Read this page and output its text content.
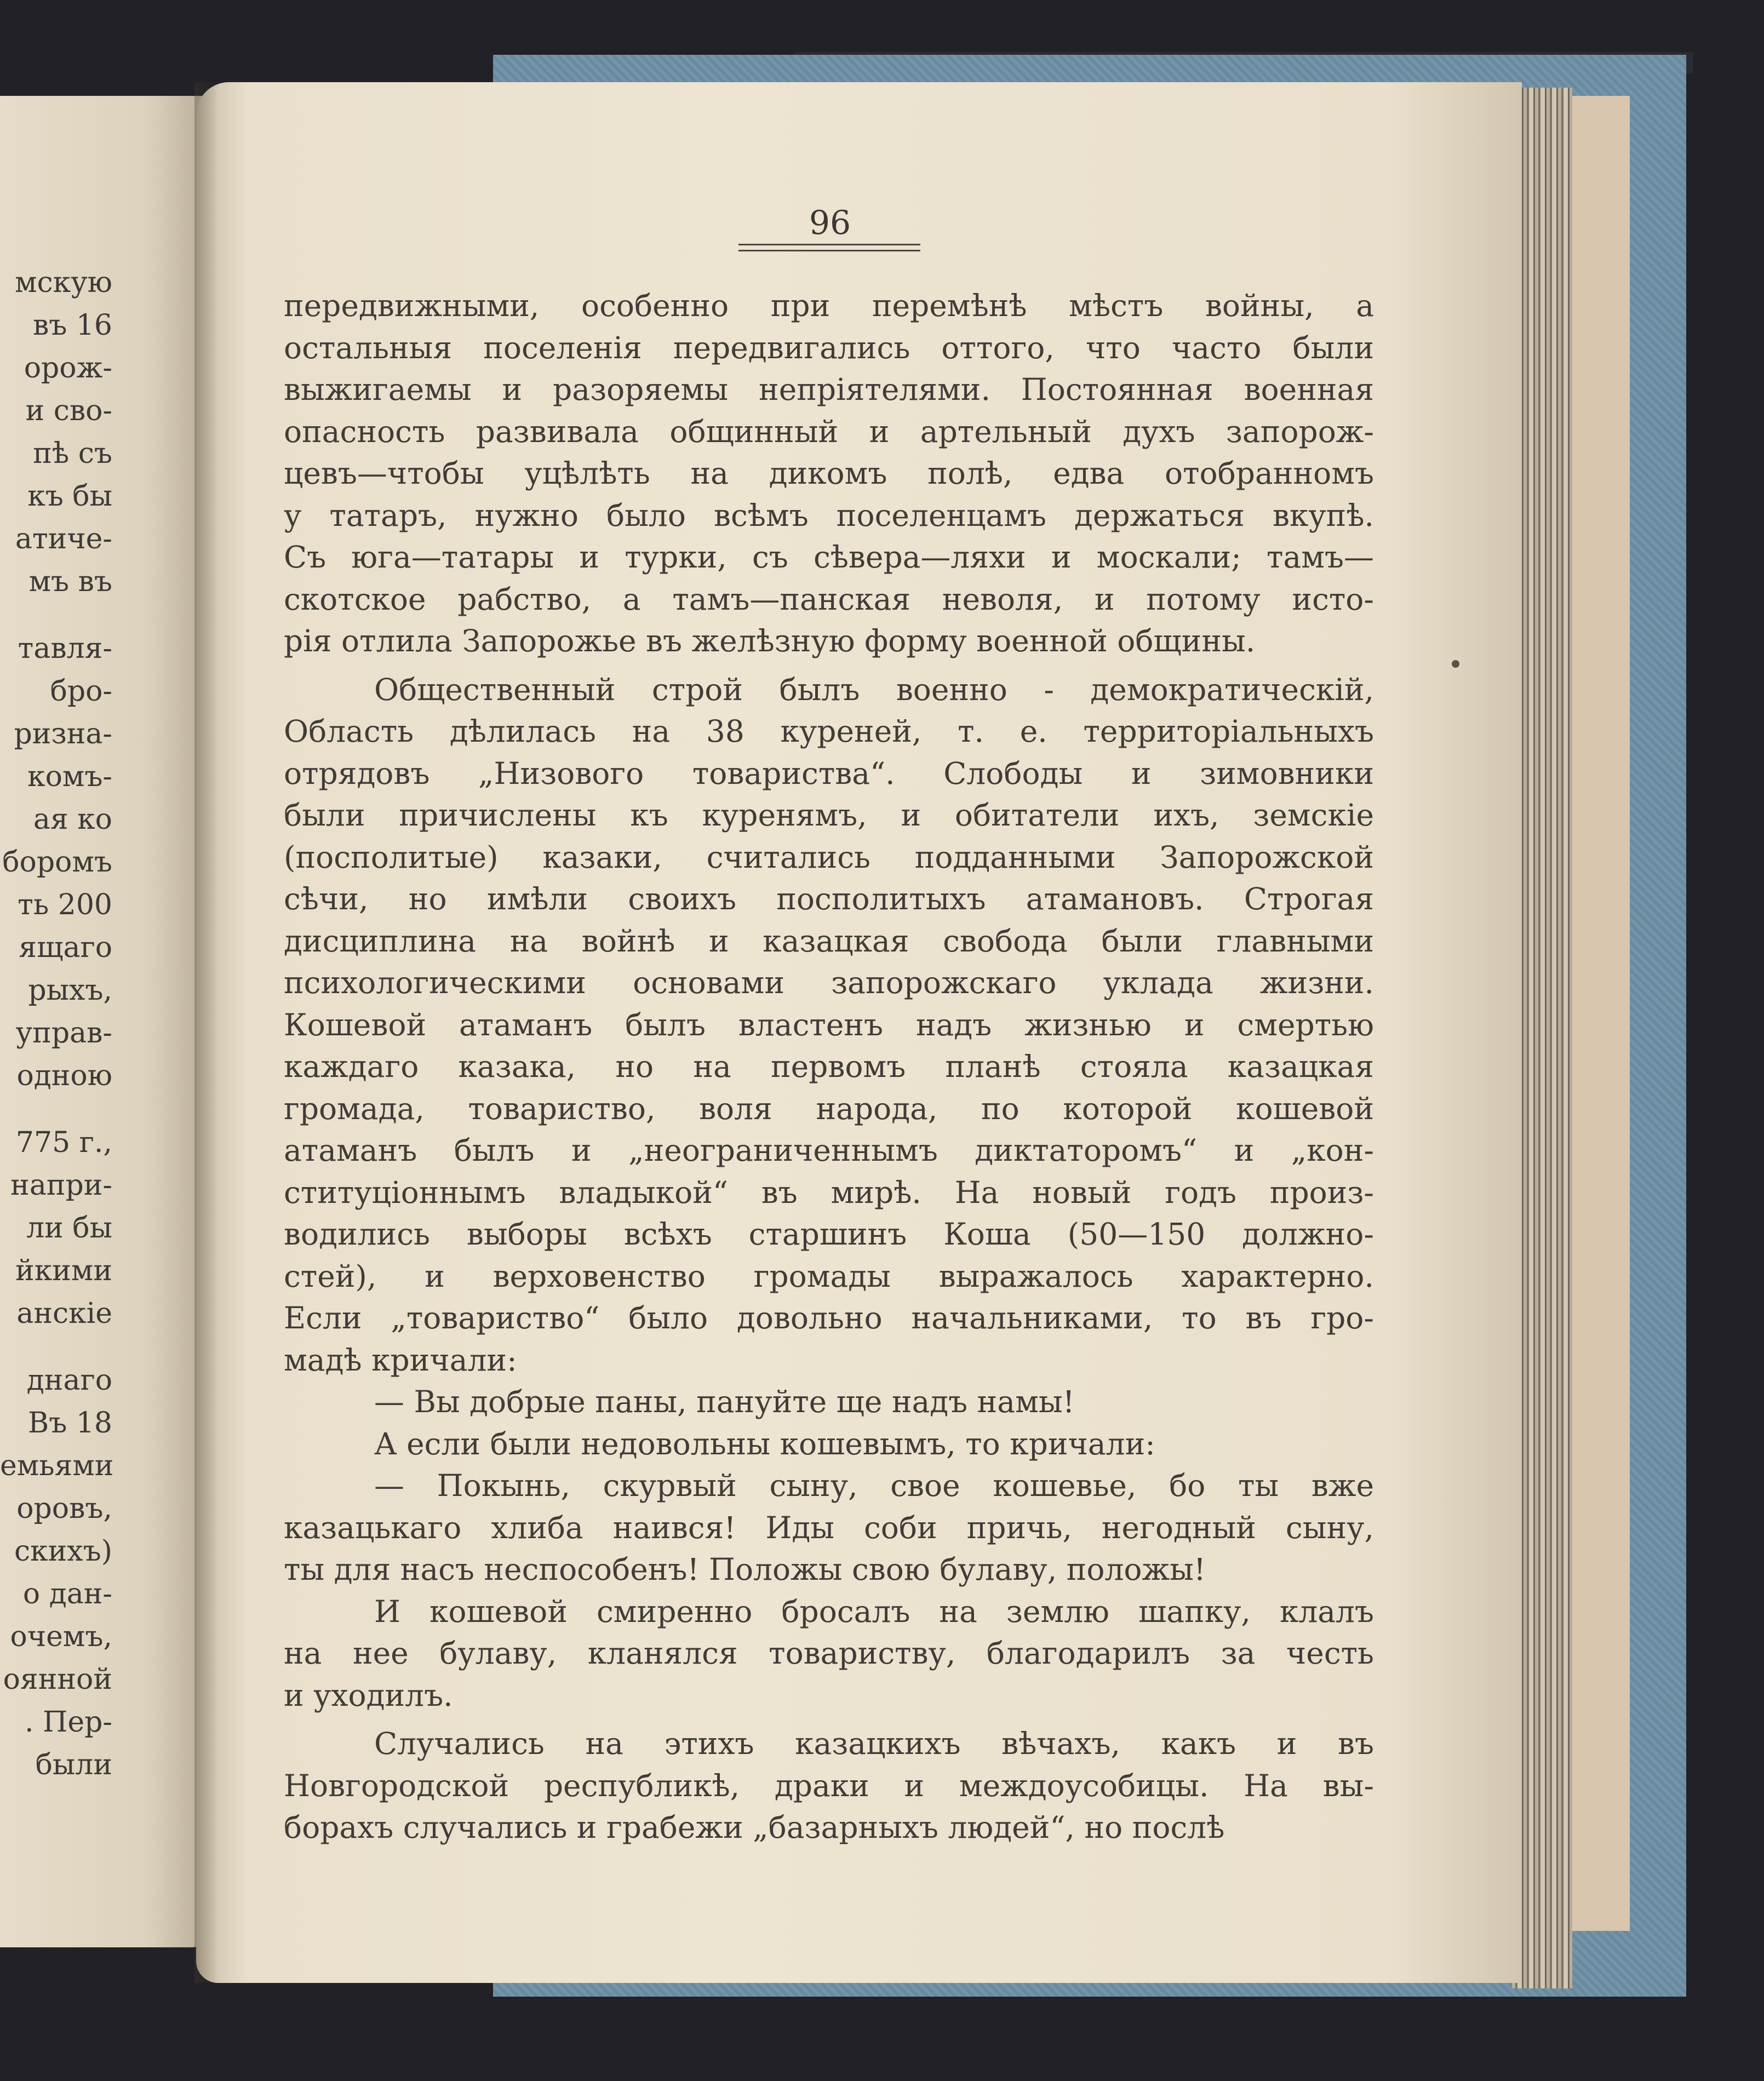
мскую
въ 16
орож-
и сво-
пѣ съ
къ бы
атиче-
мъ въ
тавля-
бро-
ризна-
комъ-
ая ко
боромъ
ть 200
ящаго
рыхъ,
управ-
одною
775 г.,
напри-
ли бы
йкими
анскіе
днаго
Въ 18
емьями
оровъ,
скихъ)
о дан-
очемъ,
оянной
. Пер-
были
96
передвижными, особенно при перемѣнѣ мѣстъ войны, а
остальныя поселенія передвигались оттого, что часто были
выжигаемы и разоряемы непріятелями. Постоянная военная
опасность развивала общинный и артельный духъ запорож-
цевъ—чтобы уцѣлѣть на дикомъ полѣ, едва отобранномъ
у татаръ, нужно было всѣмъ поселенцамъ держаться вкупѣ.
Съ юга—татары и турки, съ сѣвера—ляхи и москали; тамъ—
скотское рабство, а тамъ—панская неволя, и потому исто-
рія отлила Запорожье въ желѣзную форму военной общины.
Общественный строй былъ военно - демократическій,
Область дѣлилась на 38 куреней, т. е. территоріальныхъ
отрядовъ „Низового товариства“. Слободы и зимовники
были причислены къ куренямъ, и обитатели ихъ, земскіе
(посполитые) казаки, считались подданными Запорожской
сѣчи, но имѣли своихъ посполитыхъ атамановъ. Строгая
дисциплина на войнѣ и казацкая свобода были главными
психологическими основами запорожскаго уклада жизни.
Кошевой атаманъ былъ властенъ надъ жизнью и смертью
каждаго казака, но на первомъ планѣ стояла казацкая
громада, товариство, воля народа, по которой кошевой
атаманъ былъ и „неограниченнымъ диктаторомъ“ и „кон-
ституціоннымъ владыкой“ въ мирѣ. На новый годъ произ-
водились выборы всѣхъ старшинъ Коша (50—150 должно-
стей), и верховенство громады выражалось характерно.
Если „товариство“ было довольно начальниками, то въ гро-
мадѣ кричали:
— Вы добрые паны, пануйте ще надъ намы!
А если были недовольны кошевымъ, то кричали:
— Покынь, скурвый сыну, свое кошевье, бо ты вже
казацькаго хлиба наився! Иды соби причь, негодный сыну,
ты для насъ неспособенъ! Положы свою булаву, положы!
И кошевой смиренно бросалъ на землю шапку, клалъ
на нее булаву, кланялся товариству, благодарилъ за честь
и уходилъ.
Случались на этихъ казацкихъ вѣчахъ, какъ и въ
Новгородской республикѣ, драки и междоусобицы. На вы-
борахъ случались и грабежи „базарныхъ людей“, но послѣ
